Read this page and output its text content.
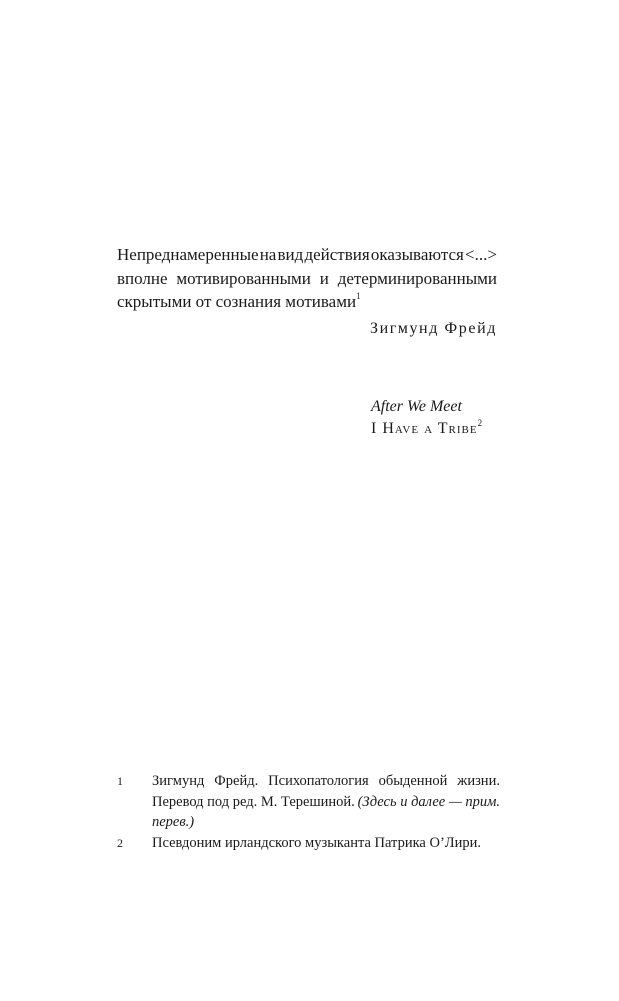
Непреднамеренные на вид действия оказываются <...>
вполне мотивированными и детерминированными
скрытыми от сознания мотивами$^1$

Зигмунд Фрейд
After We Meet
I Have a Tribe$^2$
1 Зигмунд Фрейд. Психопатология обыденной жизни.
Перевод под ред. М. Терешиной. (Здесь и далее — прим.
перев.)
2 Псевдоним ирландского музыканта Патрика О’Лири.
